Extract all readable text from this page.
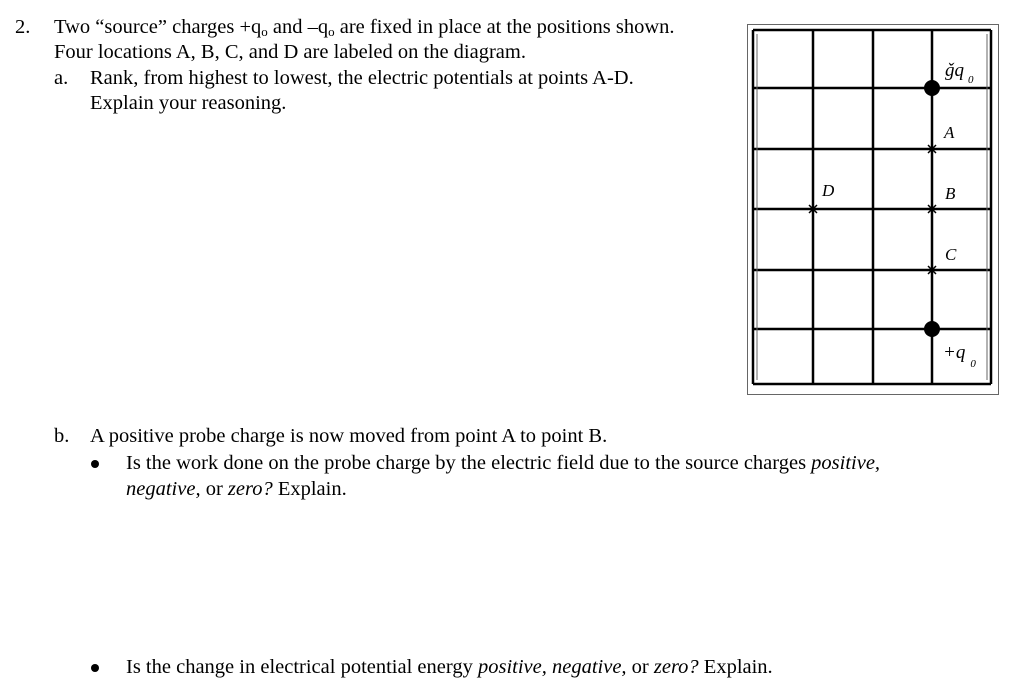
2. Two “source” charges $+q_o$ and $-q_o$ are fixed in place at the positions shown.
Four locations A, B, C, and D are labeled on the diagram.
a. Rank, from highest to lowest, the electric potentials at points A-D.
Explain your reasoning.
b. A positive probe charge is now moved from point A to point B.
Is the work done on the probe charge by the electric field due to the source charges positive,
negative, or zero? Explain.
Is the change in electrical potential energy positive, negative, or zero? Explain.
ǧq $_0$
$+q_0$
A
B
C
D
